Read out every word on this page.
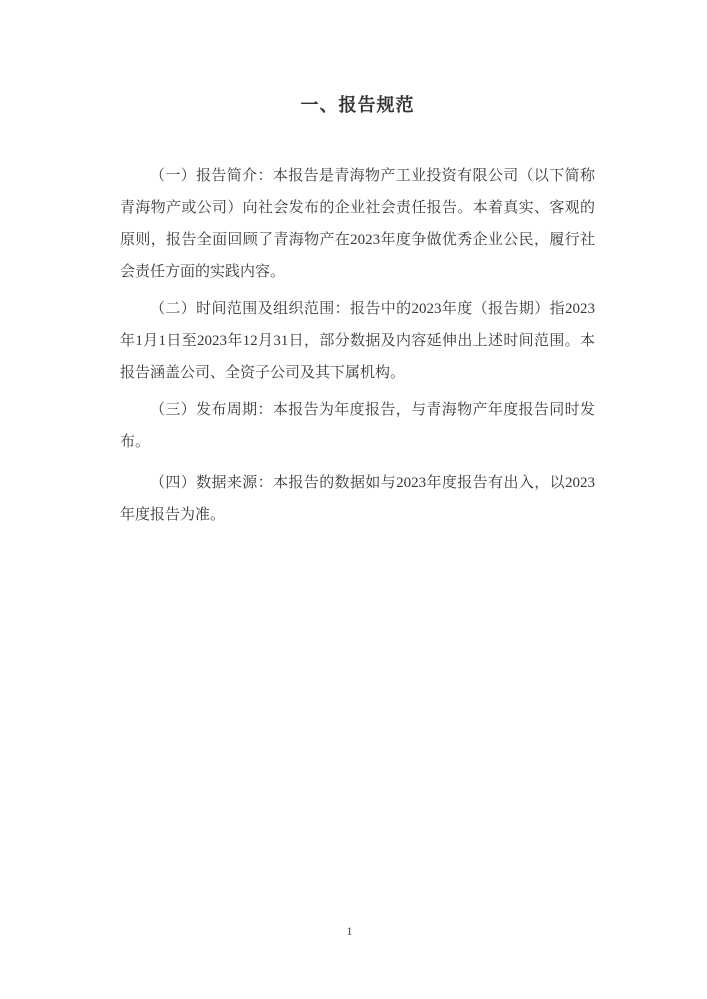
一、报告规范

（一）报告简介：本报告是青海物产工业投资有限公司（以下简称青海物产或公司）向社会发布的企业社会责任报告。本着真实、客观的原则，报告全面回顾了青海物产在2023年度争做优秀企业公民，履行社会责任方面的实践内容。

（二）时间范围及组织范围：报告中的2023年度（报告期）指2023年1月1日至2023年12月31日，部分数据及内容延伸出上述时间范围。本报告涵盖公司、全资子公司及其下属机构。

（三）发布周期：本报告为年度报告，与青海物产年度报告同时发布。

（四）数据来源：本报告的数据如与2023年度报告有出入，以2023年度报告为准。

1
